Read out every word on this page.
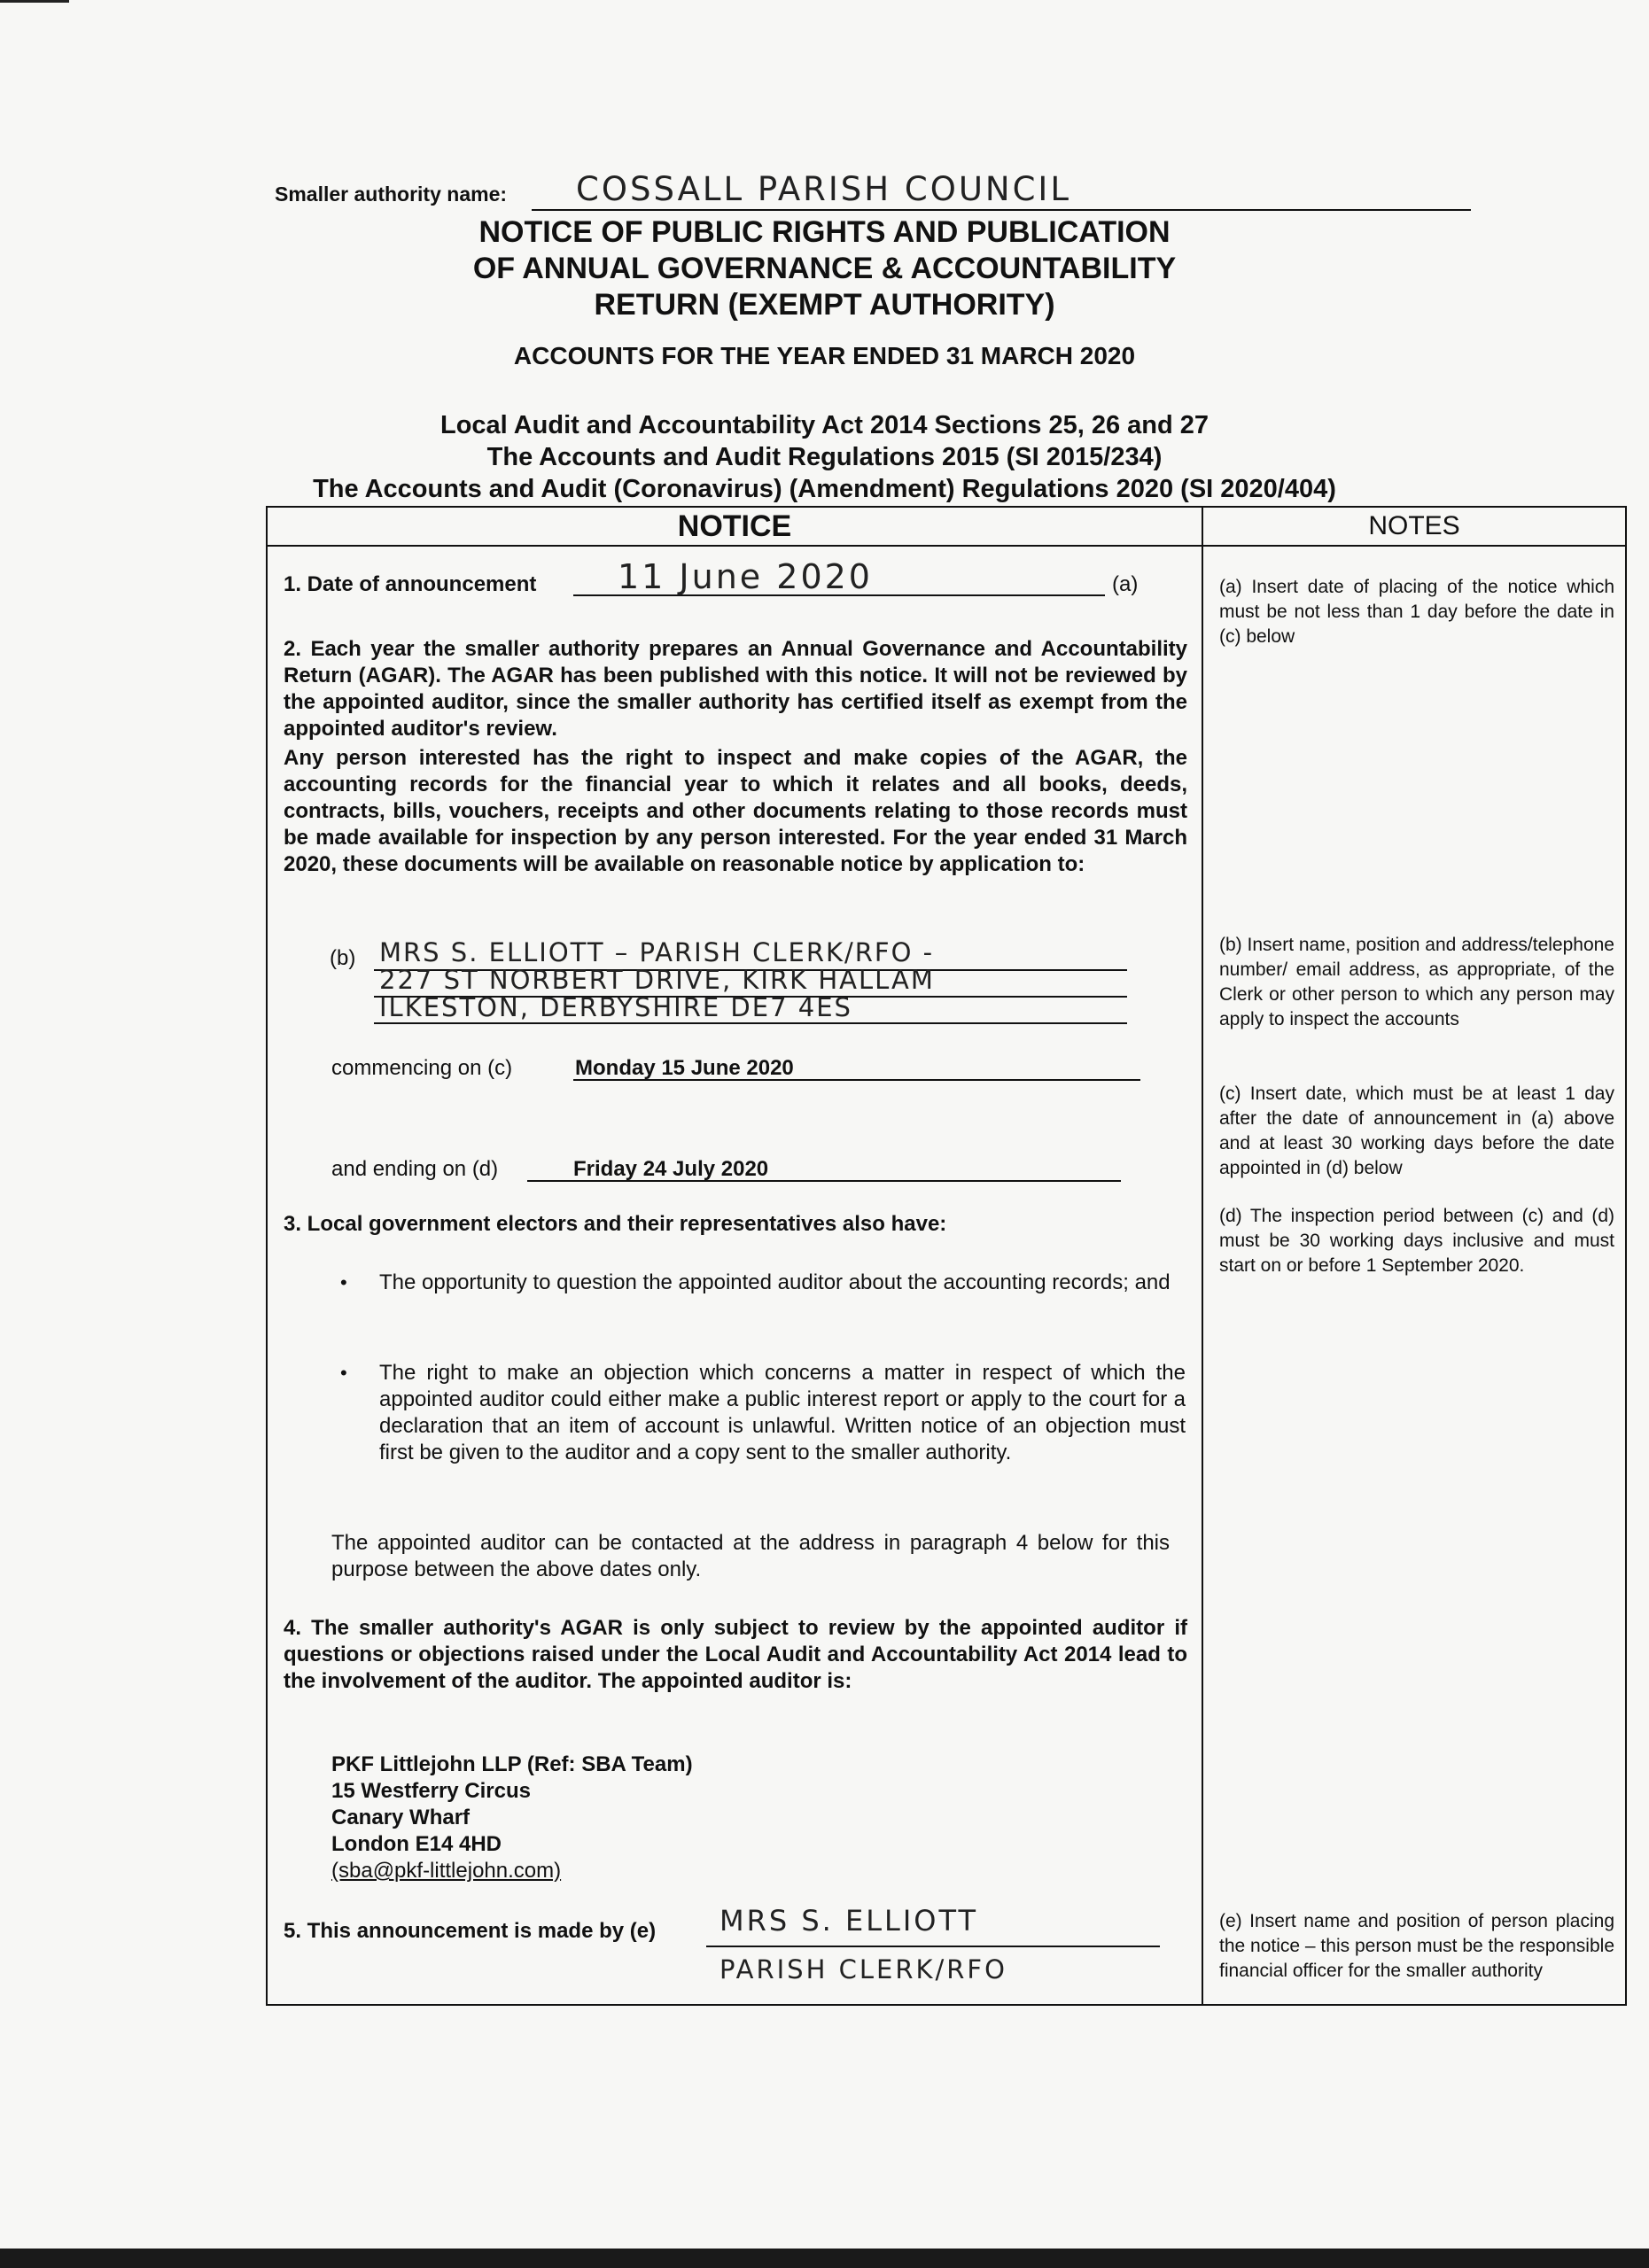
Smaller authority name: COSSALL PARISH COUNCIL
NOTICE OF PUBLIC RIGHTS AND PUBLICATION
OF ANNUAL GOVERNANCE & ACCOUNTABILITY
RETURN (EXEMPT AUTHORITY)
ACCOUNTS FOR THE YEAR ENDED 31 MARCH 2020
Local Audit and Accountability Act 2014 Sections 25, 26 and 27
The Accounts and Audit Regulations 2015 (SI 2015/234)
The Accounts and Audit (Coronavirus) (Amendment) Regulations 2020 (SI 2020/404)
NOTICE	NOTES
1. Date of announcement	11 June 2020	(a)
2. Each year the smaller authority prepares an Annual Governance and Accountability Return (AGAR). The AGAR has been published with this notice. It will not be reviewed by the appointed auditor, since the smaller authority has certified itself as exempt from the appointed auditor's review.
Any person interested has the right to inspect and make copies of the AGAR, the accounting records for the financial year to which it relates and all books, deeds, contracts, bills, vouchers, receipts and other documents relating to those records must be made available for inspection by any person interested. For the year ended 31 March 2020, these documents will be available on reasonable notice by application to:
(b) MRS S. ELLIOTT – PARISH CLERK/RFO -
227 ST NORBERT DRIVE, KIRK HALLAM
ILKESTON, DERBYSHIRE DE7 4ES
commencing on (c)	Monday 15 June 2020
and ending on (d)	Friday 24 July 2020
3. Local government electors and their representatives also have:
• The opportunity to question the appointed auditor about the accounting records; and
• The right to make an objection which concerns a matter in respect of which the appointed auditor could either make a public interest report or apply to the court for a declaration that an item of account is unlawful. Written notice of an objection must first be given to the auditor and a copy sent to the smaller authority.
The appointed auditor can be contacted at the address in paragraph 4 below for this purpose between the above dates only.
4. The smaller authority's AGAR is only subject to review by the appointed auditor if questions or objections raised under the Local Audit and Accountability Act 2014 lead to the involvement of the auditor. The appointed auditor is:
PKF Littlejohn LLP (Ref: SBA Team)
15 Westferry Circus
Canary Wharf
London E14 4HD
(sba@pkf-littlejohn.com)
5. This announcement is made by (e)	MRS S. ELLIOTT
PARISH CLERK/RFO
(a) Insert date of placing of the notice which must be not less than 1 day before the date in (c) below
(b) Insert name, position and address/telephone number/ email address, as appropriate, of the Clerk or other person to which any person may apply to inspect the accounts
(c) Insert date, which must be at least 1 day after the date of announcement in (a) above and at least 30 working days before the date appointed in (d) below
(d) The inspection period between (c) and (d) must be 30 working days inclusive and must start on or before 1 September 2020.
(e) Insert name and position of person placing the notice – this person must be the responsible financial officer for the smaller authority
